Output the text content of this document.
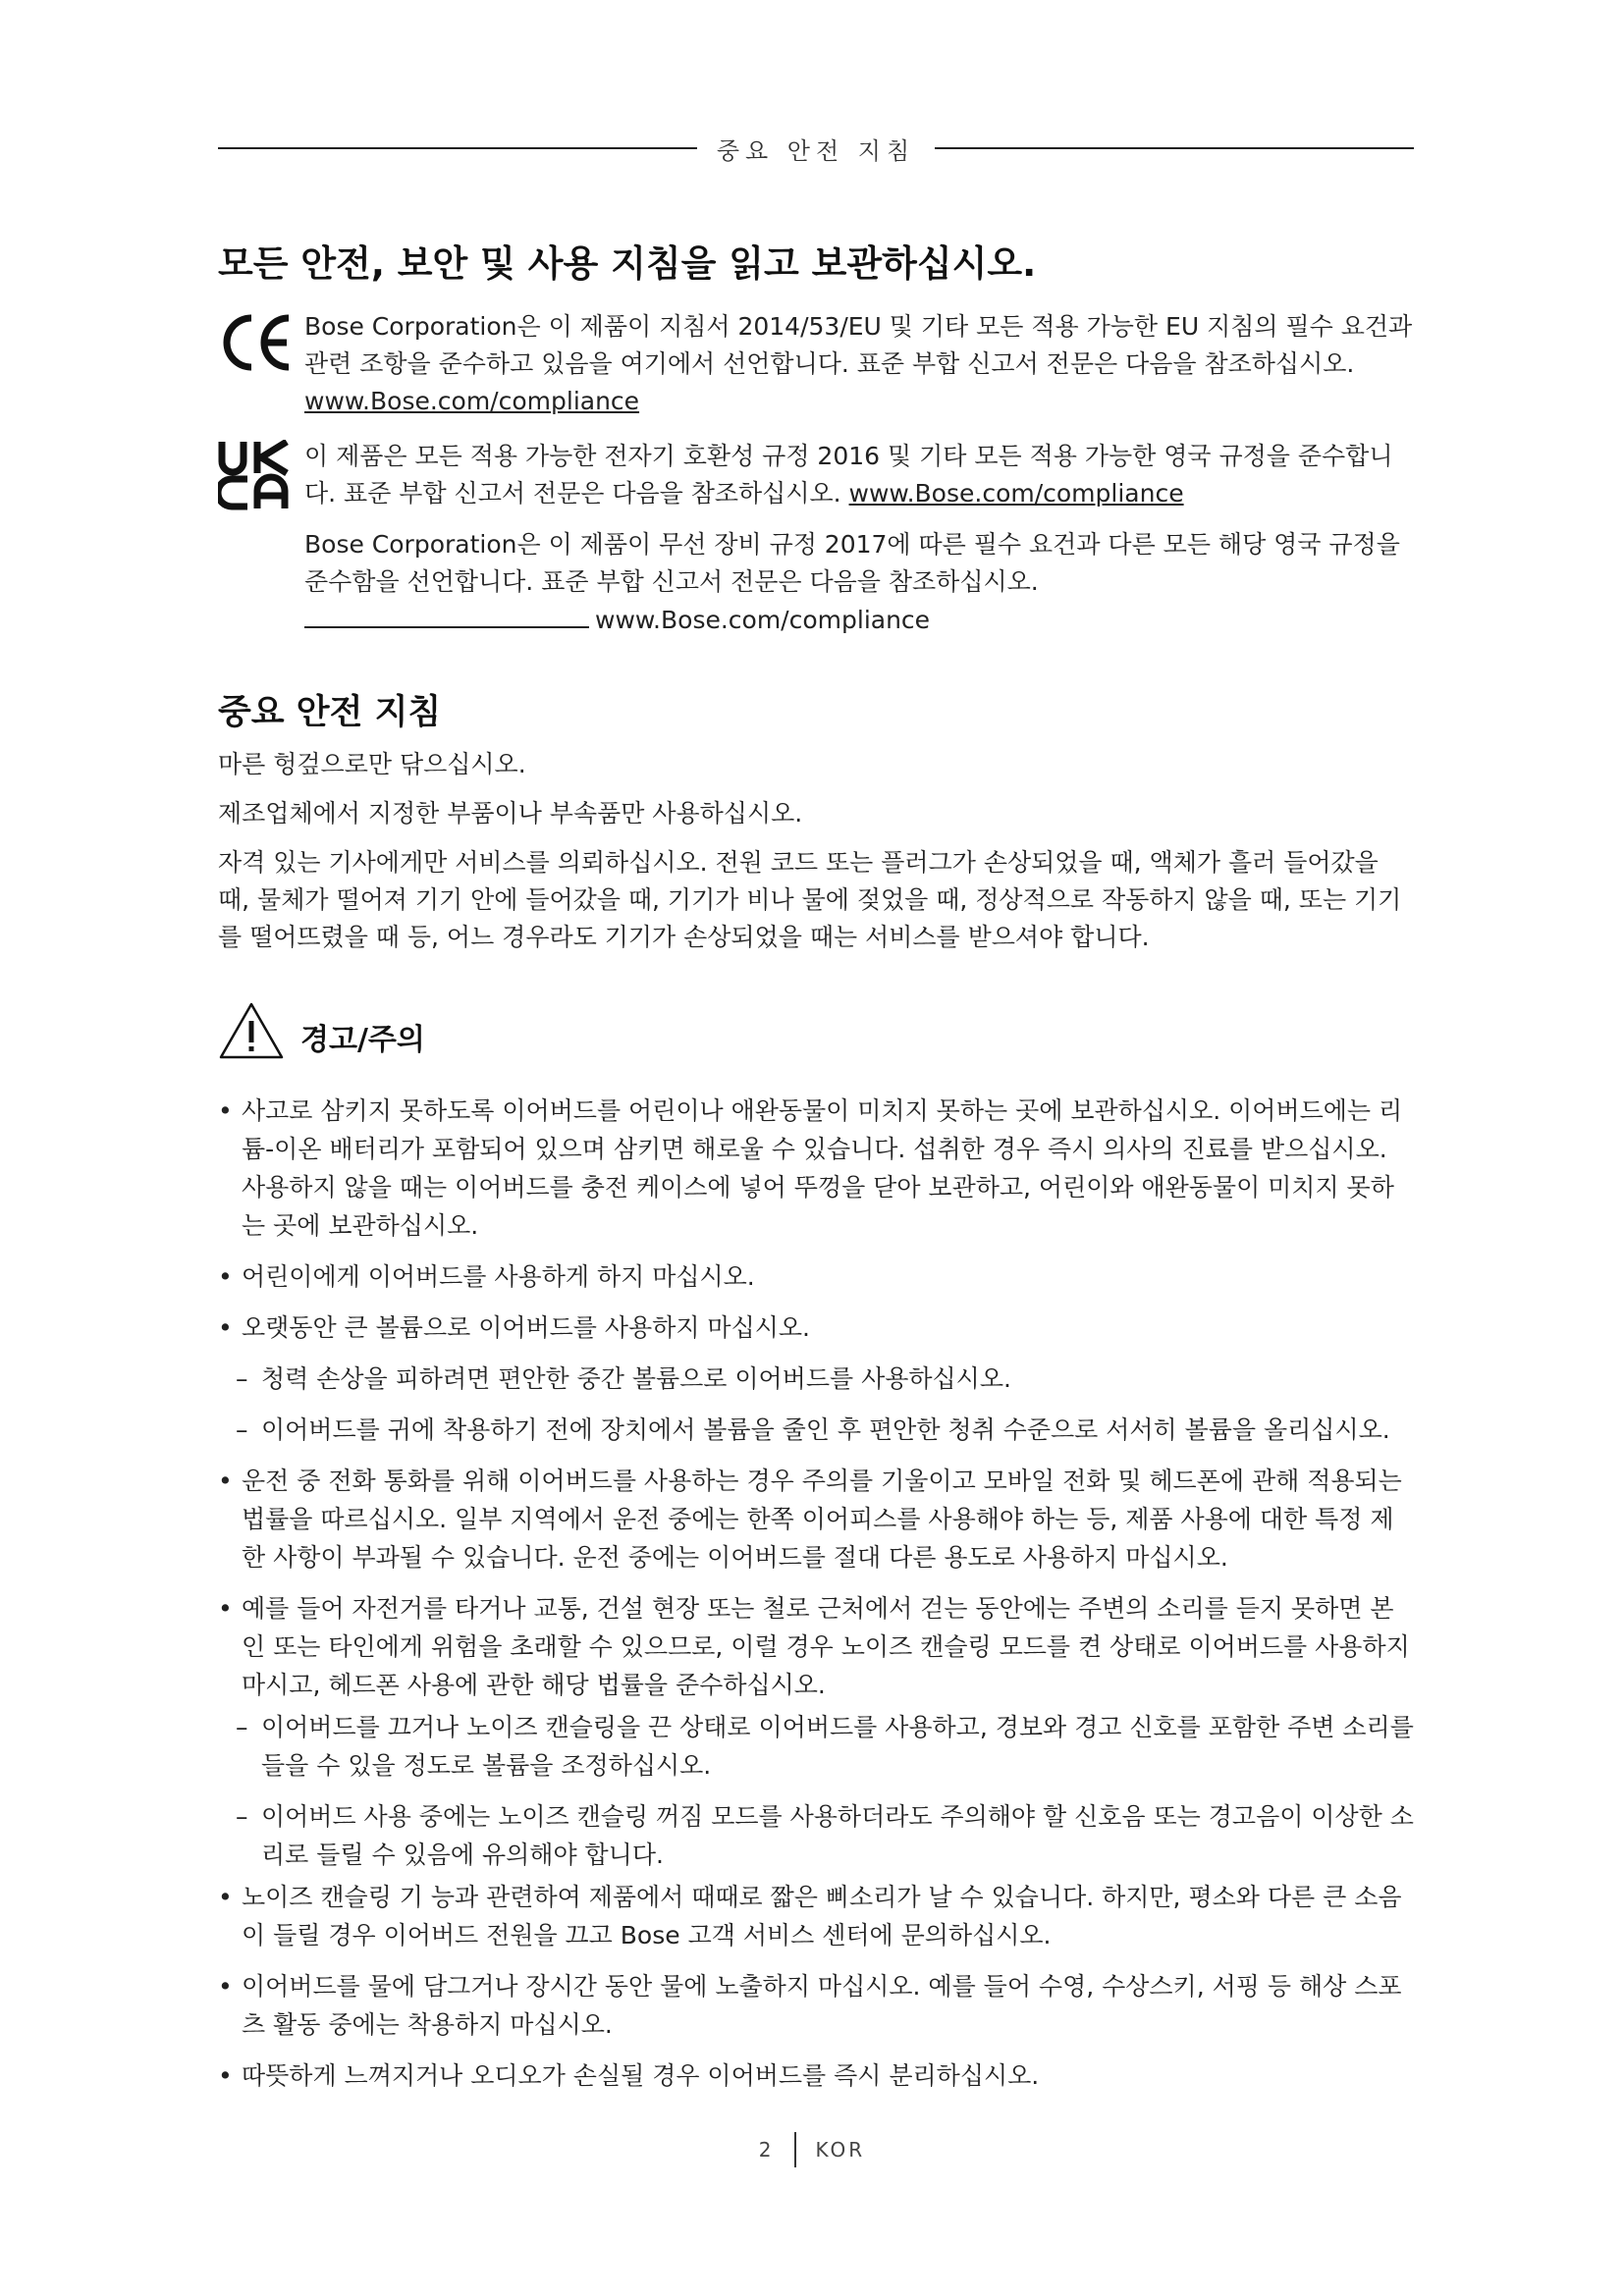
중요 안전 지침
모든 안전, 보안 및 사용 지침을 읽고 보관하십시오.

Bose Corporation은 이 제품이 지침서 2014/53/EU 및 기타 모든 적용 가능한 EU 지침의 필수 요건과 관련 조항을 준수하고 있음을 여기에서 선언합니다. 표준 부합 신고서 전문은 다음을 참조하십시오. www.Bose.com/compliance

이 제품은 모든 적용 가능한 전자기 호환성 규정 2016 및 기타 모든 적용 가능한 영국 규정을 준수합니다. 표준 부합 신고서 전문은 다음을 참조하십시오. www.Bose.com/compliance

Bose Corporation은 이 제품이 무선 장비 규정 2017에 따른 필수 요건과 다른 모든 해당 영국 규정을 준수함을 선언합니다. 표준 부합 신고서 전문은 다음을 참조하십시오.
www.Bose.com/compliance

중요 안전 지침

마른 헝겊으로만 닦으십시오.

제조업체에서 지정한 부품이나 부속품만 사용하십시오.

자격 있는 기사에게만 서비스를 의뢰하십시오. 전원 코드 또는 플러그가 손상되었을 때, 액체가 흘러 들어갔을 때, 물체가 떨어져 기기 안에 들어갔을 때, 기기가 비나 물에 젖었을 때, 정상적으로 작동하지 않을 때, 또는 기기를 떨어뜨렸을 때 등, 어느 경우라도 기기가 손상되었을 때는 서비스를 받으셔야 합니다.

경고/주의

• 사고로 삼키지 못하도록 이어버드를 어린이나 애완동물이 미치지 못하는 곳에 보관하십시오. 이어버드에는 리튬-이온 배터리가 포함되어 있으며 삼키면 해로울 수 있습니다. 섭취한 경우 즉시 의사의 진료를 받으십시오. 사용하지 않을 때는 이어버드를 충전 케이스에 넣어 뚜껑을 닫아 보관하고, 어린이와 애완동물이 미치지 못하는 곳에 보관하십시오.

• 어린이에게 이어버드를 사용하게 하지 마십시오.

• 오랫동안 큰 볼륨으로 이어버드를 사용하지 마십시오.

– 청력 손상을 피하려면 편안한 중간 볼륨으로 이어버드를 사용하십시오.

– 이어버드를 귀에 착용하기 전에 장치에서 볼륨을 줄인 후 편안한 청취 수준으로 서서히 볼륨을 올리십시오.

• 운전 중 전화 통화를 위해 이어버드를 사용하는 경우 주의를 기울이고 모바일 전화 및 헤드폰에 관해 적용되는 법률을 따르십시오. 일부 지역에서 운전 중에는 한쪽 이어피스를 사용해야 하는 등, 제품 사용에 대한 특정 제한 사항이 부과될 수 있습니다. 운전 중에는 이어버드를 절대 다른 용도로 사용하지 마십시오.

• 예를 들어 자전거를 타거나 교통, 건설 현장 또는 철로 근처에서 걷는 동안에는 주변의 소리를 듣지 못하면 본인 또는 타인에게 위험을 초래할 수 있으므로, 이럴 경우 노이즈 캔슬링 모드를 켠 상태로 이어버드를 사용하지 마시고, 헤드폰 사용에 관한 해당 법률을 준수하십시오.

– 이어버드를 끄거나 노이즈 캔슬링을 끈 상태로 이어버드를 사용하고, 경보와 경고 신호를 포함한 주변 소리를 들을 수 있을 정도로 볼륨을 조정하십시오.

– 이어버드 사용 중에는 노이즈 캔슬링 꺼짐 모드를 사용하더라도 주의해야 할 신호음 또는 경고음이 이상한 소리로 들릴 수 있음에 유의해야 합니다.

• 노이즈 캔슬링 기 능과 관련하여 제품에서 때때로 짧은 삐소리가 날 수 있습니다. 하지만, 평소와 다른 큰 소음이 들릴 경우 이어버드 전원을 끄고 Bose 고객 서비스 센터에 문의하십시오.

• 이어버드를 물에 담그거나 장시간 동안 물에 노출하지 마십시오. 예를 들어 수영, 수상스키, 서핑 등 해상 스포츠 활동 중에는 착용하지 마십시오.

• 따뜻하게 느껴지거나 오디오가 손실될 경우 이어버드를 즉시 분리하십시오.

2 KOR
